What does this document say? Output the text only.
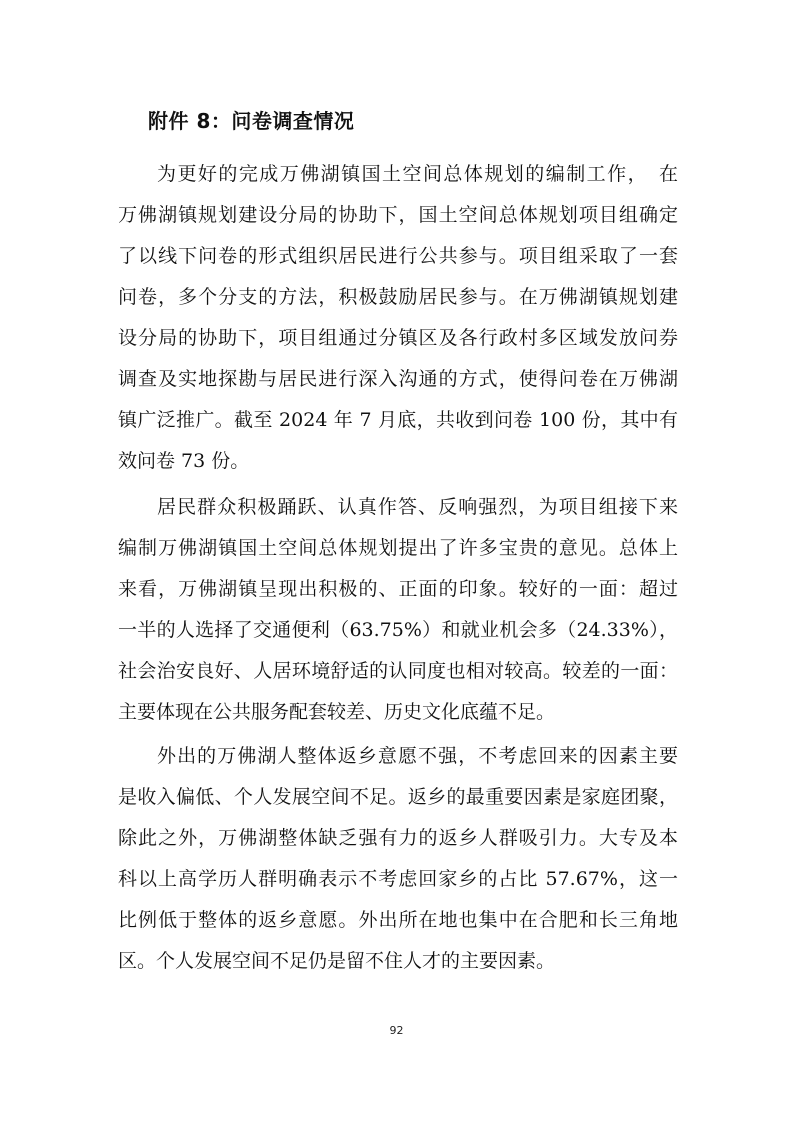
附件 8：问卷调查情况
为更好的完成万佛湖镇国土空间总体规划的编制工作，　在
万佛湖镇规划建设分局的协助下，国土空间总体规划项目组确定
了以线下问卷的形式组织居民进行公共参与。项目组采取了一套
问卷，多个分支的方法，积极鼓励居民参与。在万佛湖镇规划建
设分局的协助下，项目组通过分镇区及各行政村多区域发放问券
调查及实地探勘与居民进行深入沟通的方式，使得问卷在万佛湖
镇广泛推广。截至 2024 年 7 月底，共收到问卷 100 份，其中有
效问卷 73 份。
居民群众积极踊跃、认真作答、反响强烈，为项目组接下来
编制万佛湖镇国土空间总体规划提出了许多宝贵的意见。总体上
来看，万佛湖镇呈现出积极的、正面的印象。较好的一面：超过
一半的人选择了交通便利（63.75%）和就业机会多（24.33%），
社会治安良好、人居环境舒适的认同度也相对较高。较差的一面：
主要体现在公共服务配套较差、历史文化底蕴不足。
外出的万佛湖人整体返乡意愿不强，不考虑回来的因素主要
是收入偏低、个人发展空间不足。返乡的最重要因素是家庭团聚，
除此之外，万佛湖整体缺乏强有力的返乡人群吸引力。大专及本
科以上高学历人群明确表示不考虑回家乡的占比 57.67%，这一
比例低于整体的返乡意愿。外出所在地也集中在合肥和长三角地
区。个人发展空间不足仍是留不住人才的主要因素。
92
